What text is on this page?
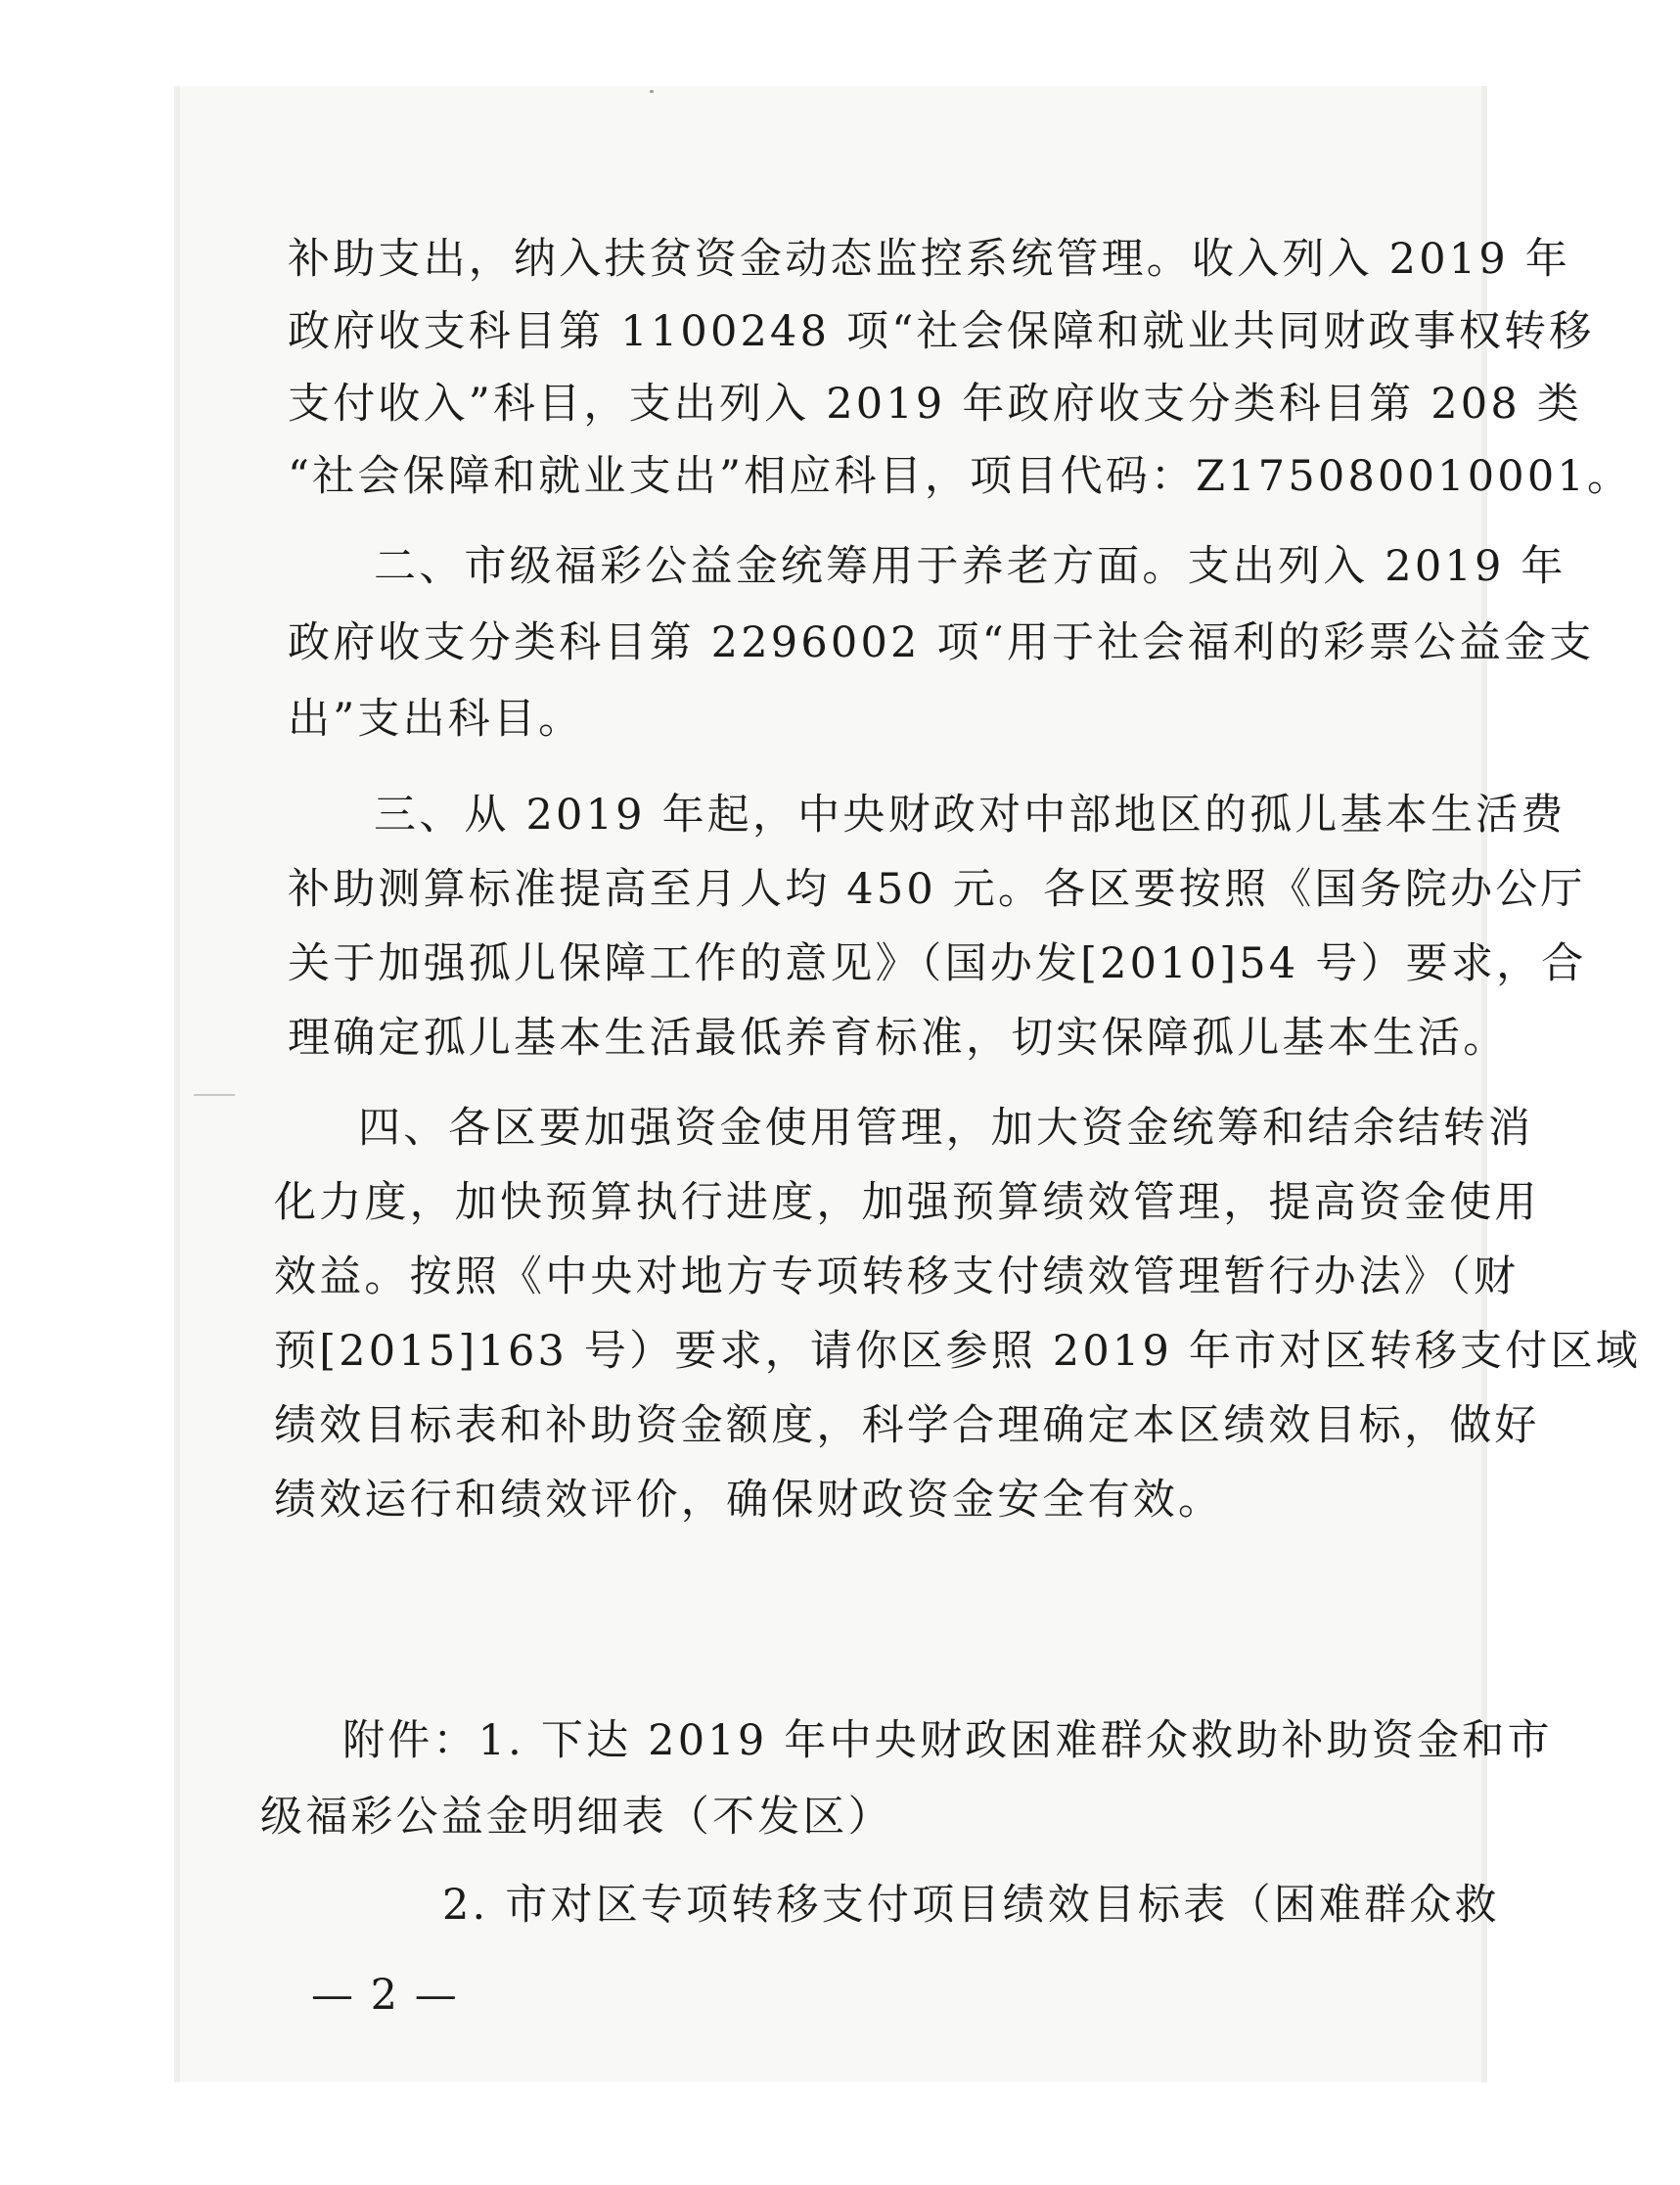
补助支出，纳入扶贫资金动态监控系统管理。收入列入 2019 年
政府收支科目第 1100248 项“社会保障和就业共同财政事权转移
支付收入”科目，支出列入 2019 年政府收支分类科目第 208 类
“社会保障和就业支出”相应科目，项目代码：Z175080010001。
二、市级福彩公益金统筹用于养老方面。支出列入 2019 年
政府收支分类科目第 2296002 项“用于社会福利的彩票公益金支
出”支出科目。
三、从 2019 年起，中央财政对中部地区的孤儿基本生活费
补助测算标准提高至月人均 450 元。各区要按照《国务院办公厅
关于加强孤儿保障工作的意见》（国办发[2010]54 号）要求，合
理确定孤儿基本生活最低养育标准，切实保障孤儿基本生活。
四、各区要加强资金使用管理，加大资金统筹和结余结转消
化力度，加快预算执行进度，加强预算绩效管理，提高资金使用
效益。按照《中央对地方专项转移支付绩效管理暂行办法》（财
预[2015]163 号）要求，请你区参照 2019 年市对区转移支付区域
绩效目标表和补助资金额度，科学合理确定本区绩效目标，做好
绩效运行和绩效评价，确保财政资金安全有效。
附件：1. 下达 2019 年中央财政困难群众救助补助资金和市
级福彩公益金明细表（不发区）
2. 市对区专项转移支付项目绩效目标表（困难群众救
— 2 —
